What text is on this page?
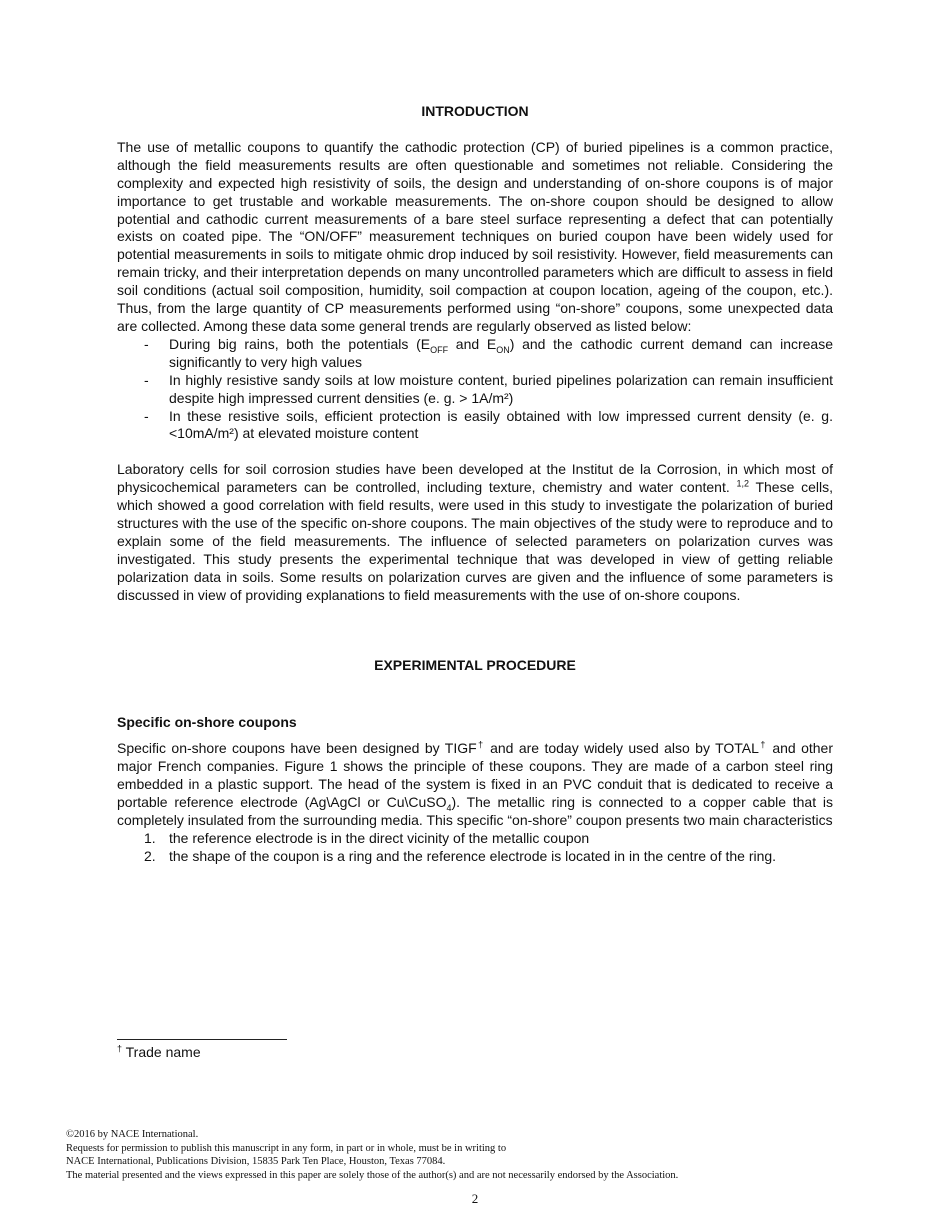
INTRODUCTION

The use of metallic coupons to quantify the cathodic protection (CP) of buried pipelines is a common practice, although the field measurements results are often questionable and sometimes not reliable. Considering the complexity and expected high resistivity of soils, the design and understanding of on-shore coupons is of major importance to get trustable and workable measurements. The on-shore coupon should be designed to allow potential and cathodic current measurements of a bare steel surface representing a defect that can potentially exists on coated pipe. The “ON/OFF” measurement techniques on buried coupon have been widely used for potential measurements in soils to mitigate ohmic drop induced by soil resistivity. However, field measurements can remain tricky, and their interpretation depends on many uncontrolled parameters which are difficult to assess in field soil conditions (actual soil composition, humidity, soil compaction at coupon location, ageing of the coupon, etc.). Thus, from the large quantity of CP measurements performed using “on-shore” coupons, some unexpected data are collected. Among these data some general trends are regularly observed as listed below:

- During big rains, both the potentials ($E_{OFF}$ and $E_{ON}$) and the cathodic current demand can increase significantly to very high values
- In highly resistive sandy soils at low moisture content, buried pipelines polarization can remain insufficient despite high impressed current densities (e. g. > 1A/m²)
- In these resistive soils, efficient protection is easily obtained with low impressed current density (e. g. <10mA/m²) at elevated moisture content

Laboratory cells for soil corrosion studies have been developed at the Institut de la Corrosion, in which most of physicochemical parameters can be controlled, including texture, chemistry and water content. $^{1,2}$ These cells, which showed a good correlation with field results, were used in this study to investigate the polarization of buried structures with the use of the specific on-shore coupons. The main objectives of the study were to reproduce and to explain some of the field measurements. The influence of selected parameters on polarization curves was investigated. This study presents the experimental technique that was developed in view of getting reliable polarization data in soils. Some results on polarization curves are given and the influence of some parameters is discussed in view of providing explanations to field measurements with the use of on-shore coupons.

EXPERIMENTAL PROCEDURE

Specific on-shore coupons

Specific on-shore coupons have been designed by TIGF† and are today widely used also by TOTAL† and other major French companies. Figure 1 shows the principle of these coupons. They are made of a carbon steel ring embedded in a plastic support. The head of the system is fixed in an PVC conduit that is dedicated to receive a portable reference electrode (Ag\AgCl or Cu\CuSO$_4$). The metallic ring is connected to a copper cable that is completely insulated from the surrounding media. This specific “on-shore” coupon presents two main characteristics

1. the reference electrode is in the direct vicinity of the metallic coupon
2. the shape of the coupon is a ring and the reference electrode is located in in the centre of the ring.
† Trade name
©2016 by NACE International.
Requests for permission to publish this manuscript in any form, in part or in whole, must be in writing to
NACE International, Publications Division, 15835 Park Ten Place, Houston, Texas 77084.
The material presented and the views expressed in this paper are solely those of the author(s) and are not necessarily endorsed by the Association.
2
